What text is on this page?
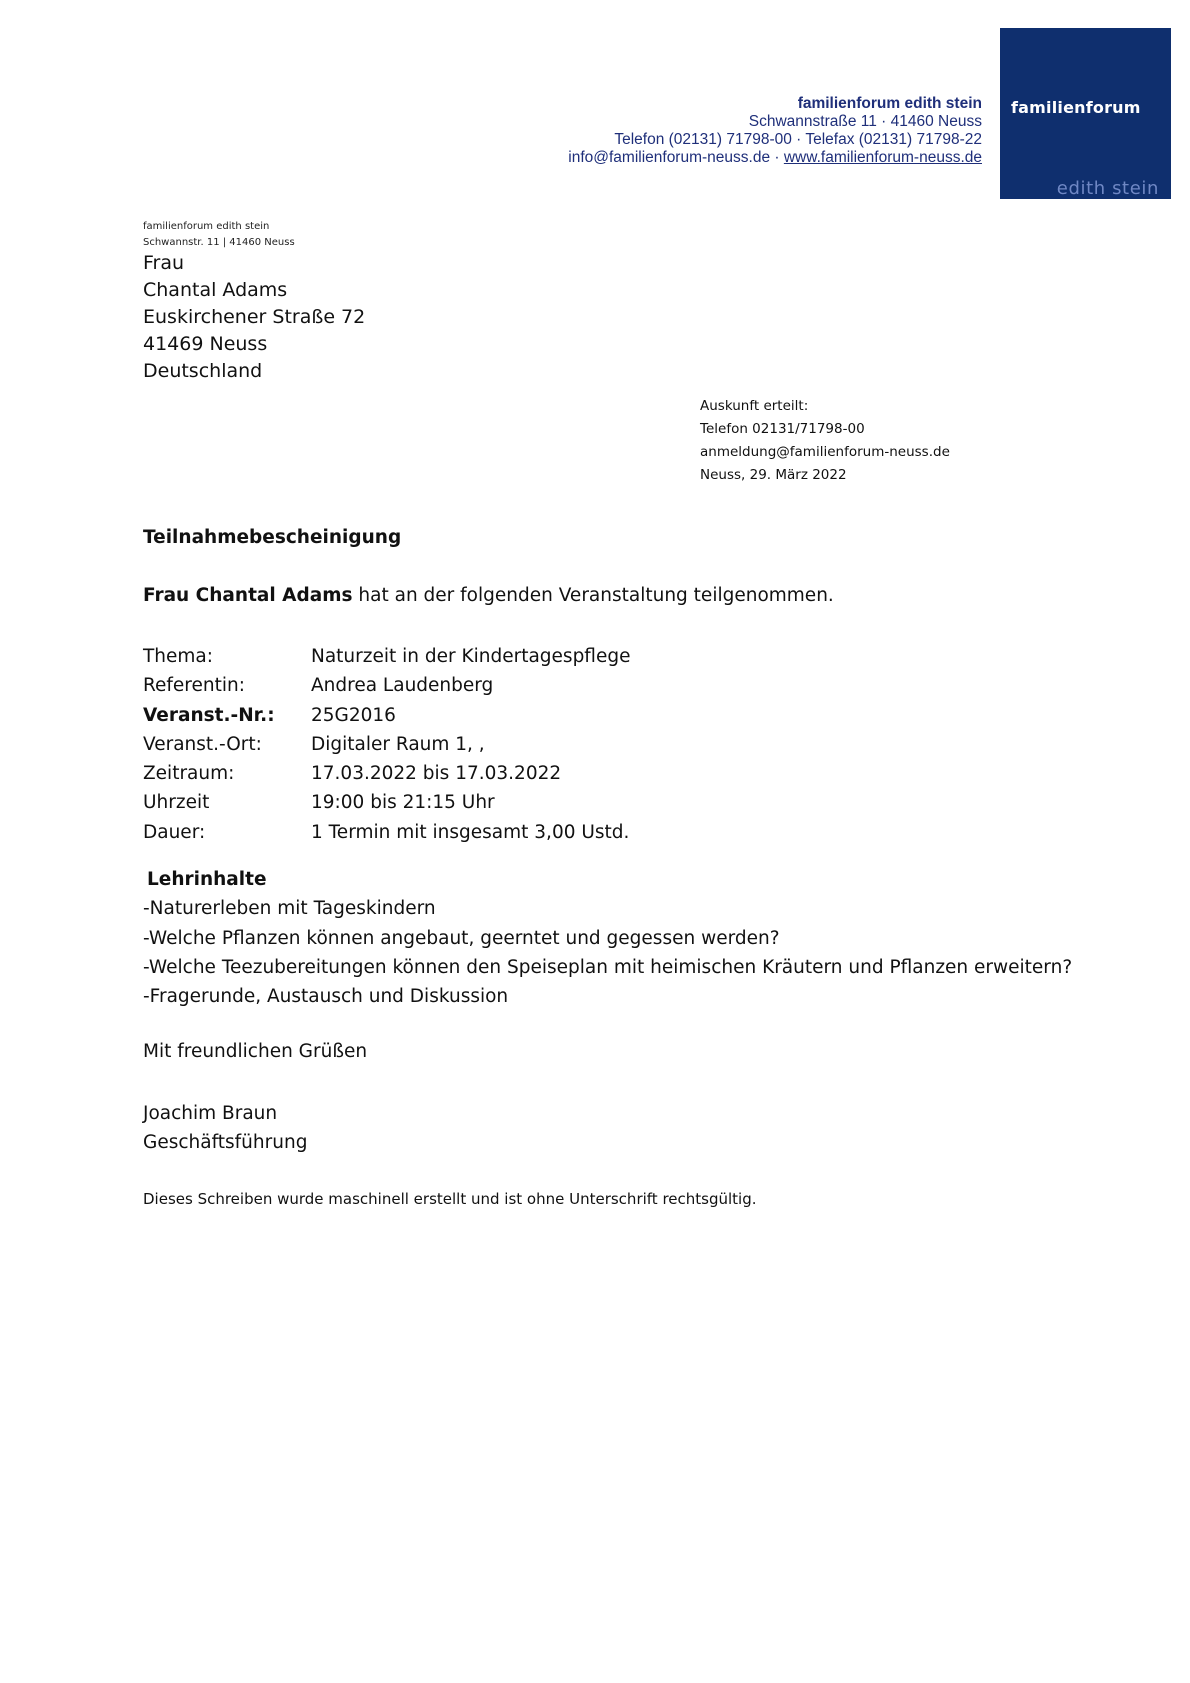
familienforum edith stein
Schwannstraße 11 · 41460 Neuss
Telefon (02131) 71798-00 · Telefax (02131) 71798-22
info@familienforum-neuss.de · www.familienforum-neuss.de
familienforum
edith stein
familienforum edith stein
Schwannstr. 11 | 41460 Neuss
Frau
Chantal Adams
Euskirchener Straße 72
41469 Neuss
Deutschland
Auskunft erteilt:
Telefon 02131/71798-00
anmeldung@familienforum-neuss.de
Neuss, 29. März 2022
Teilnahmebescheinigung
Frau Chantal Adams hat an der folgenden Veranstaltung teilgenommen.
Thema:	Naturzeit in der Kindertagespflege
Referentin:	Andrea Laudenberg
Veranst.-Nr.:	25G2016
Veranst.-Ort:	Digitaler Raum 1, ,
Zeitraum:	17.03.2022 bis 17.03.2022
Uhrzeit	19:00 bis 21:15 Uhr
Dauer:	1 Termin mit insgesamt 3,00 Ustd.
Lehrinhalte
-Naturerleben mit Tageskindern
-Welche Pflanzen können angebaut, geerntet und gegessen werden?
-Welche Teezubereitungen können den Speiseplan mit heimischen Kräutern und Pflanzen erweitern?
-Fragerunde, Austausch und Diskussion
Mit freundlichen Grüßen
Joachim Braun
Geschäftsführung
Dieses Schreiben wurde maschinell erstellt und ist ohne Unterschrift rechtsgültig.
